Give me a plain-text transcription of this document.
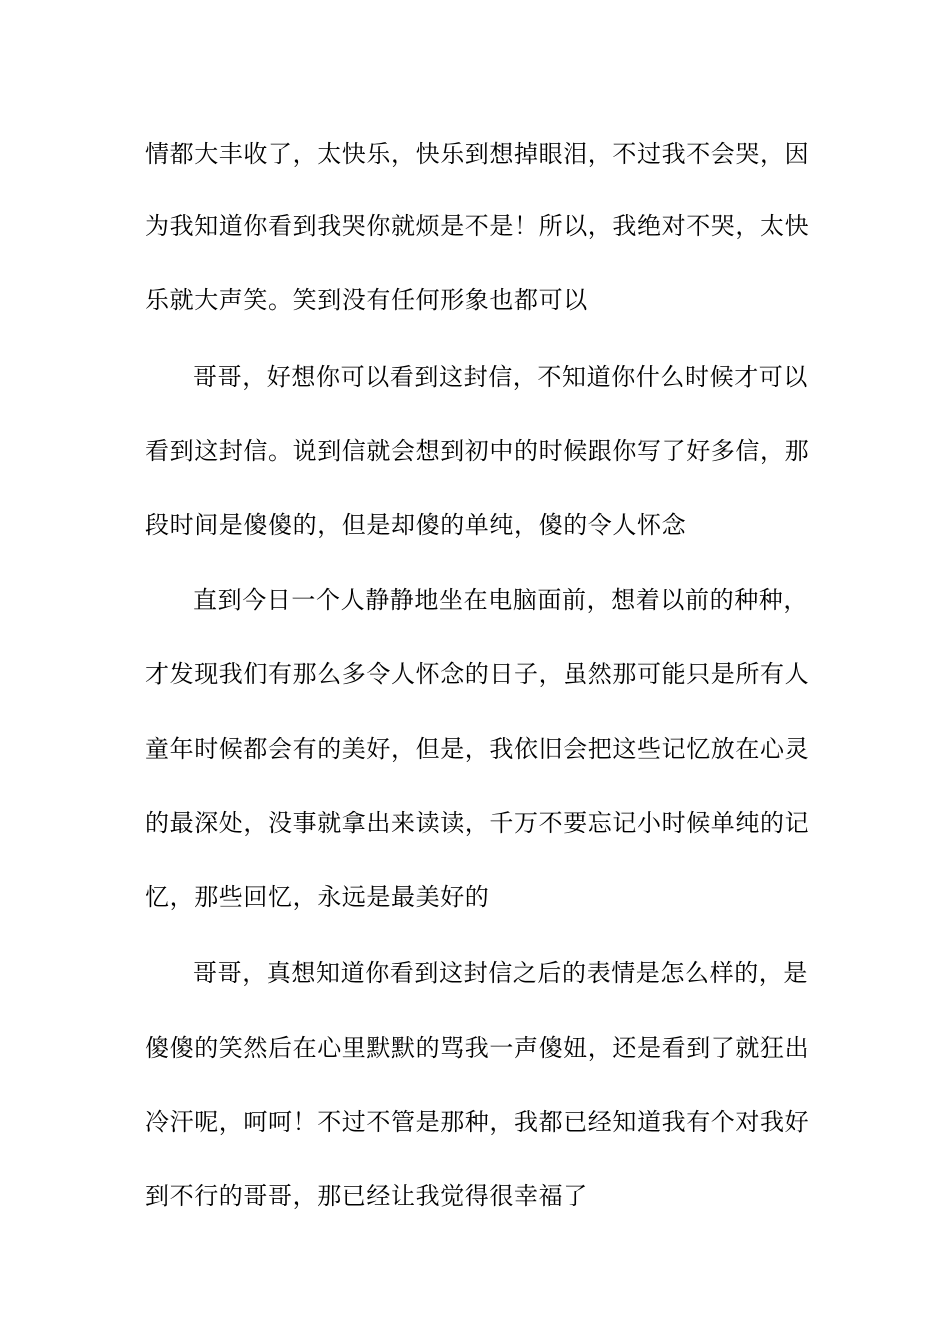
情都大丰收了，太快乐，快乐到想掉眼泪，不过我不会哭，因
为我知道你看到我哭你就烦是不是！所以，我绝对不哭，太快
乐就大声笑。笑到没有任何形象也都可以
哥哥，好想你可以看到这封信，不知道你什么时候才可以
看到这封信。说到信就会想到初中的时候跟你写了好多信，那
段时间是傻傻的，但是却傻的单纯，傻的令人怀念
直到今日一个人静静地坐在电脑面前，想着以前的种种，
才发现我们有那么多令人怀念的日子，虽然那可能只是所有人
童年时候都会有的美好，但是，我依旧会把这些记忆放在心灵
的最深处，没事就拿出来读读，千万不要忘记小时候单纯的记
忆，那些回忆，永远是最美好的
哥哥，真想知道你看到这封信之后的表情是怎么样的，是
傻傻的笑然后在心里默默的骂我一声傻妞，还是看到了就狂出
冷汗呢，呵呵！不过不管是那种，我都已经知道我有个对我好
到不行的哥哥，那已经让我觉得很幸福了
